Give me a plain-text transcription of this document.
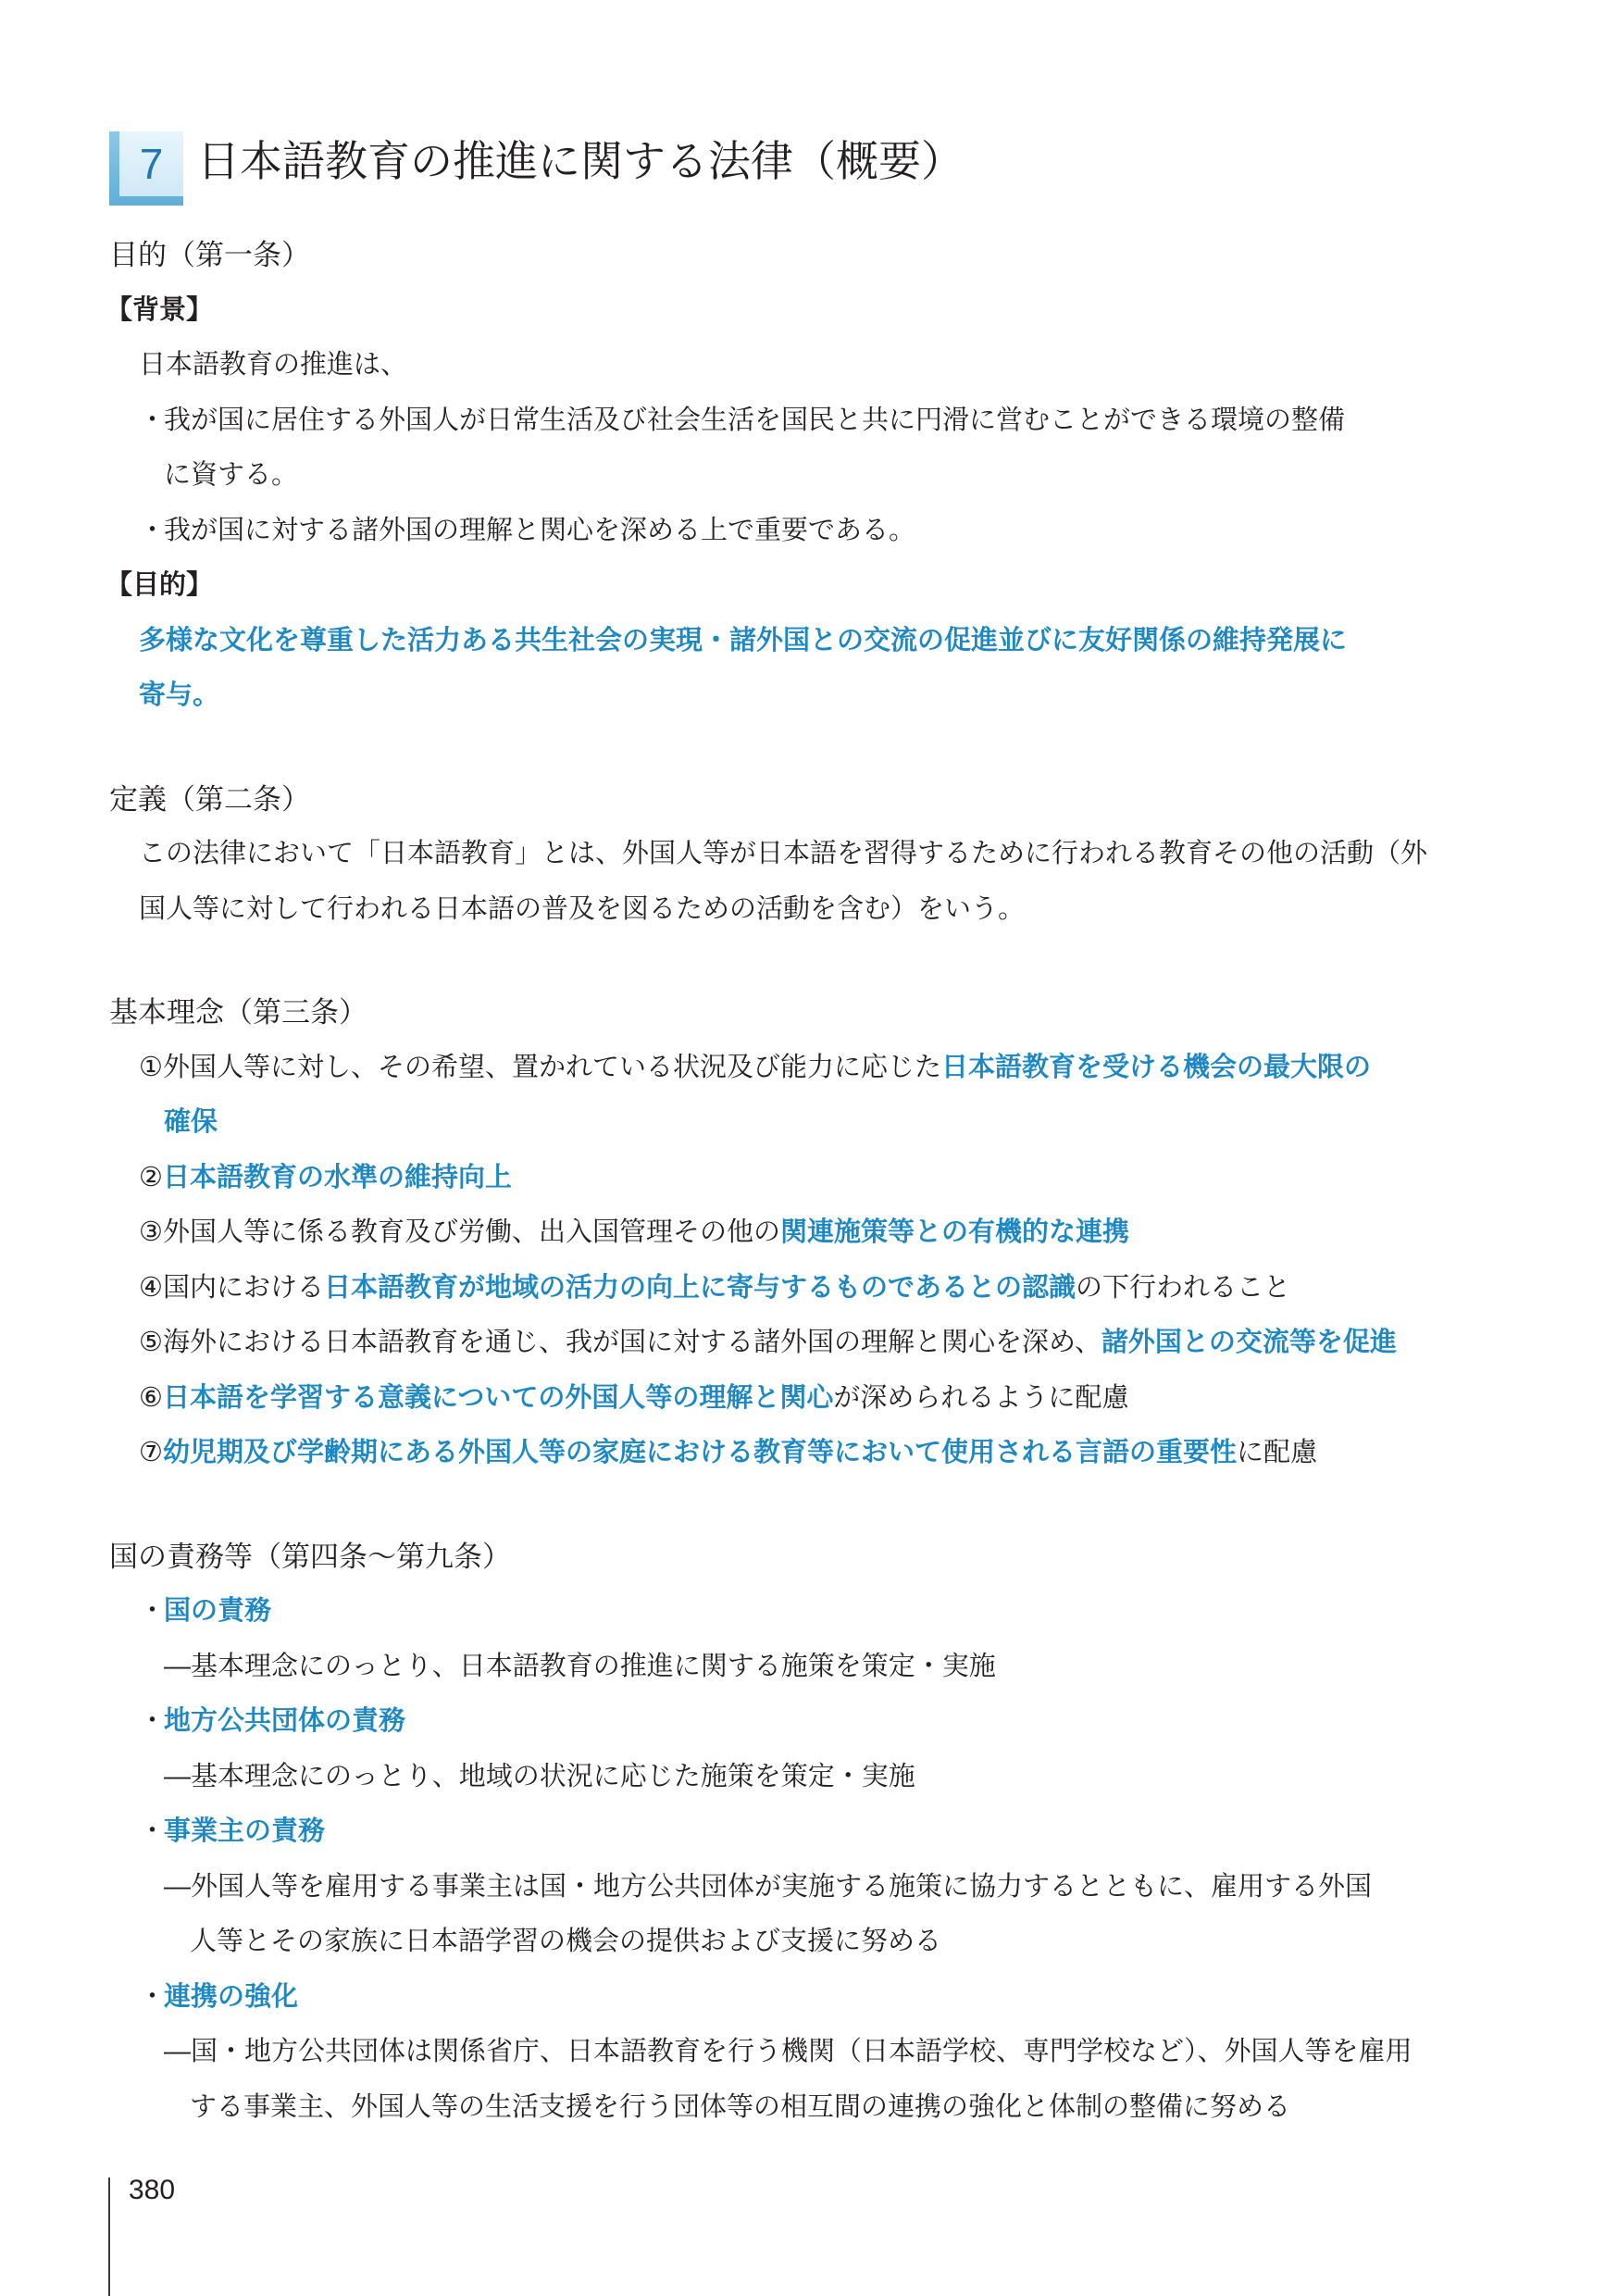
7 日本語教育の推進に関する法律（概要）
目的（第一条）
【背景】
日本語教育の推進は、
・我が国に居住する外国人が日常生活及び社会生活を国民と共に円滑に営むことができる環境の整備
に資する。
・我が国に対する諸外国の理解と関心を深める上で重要である。
【目的】
多様な文化を尊重した活力ある共生社会の実現・諸外国との交流の促進並びに友好関係の維持発展に
寄与。
定義（第二条）
この法律において「日本語教育」とは、外国人等が日本語を習得するために行われる教育その他の活動（外
国人等に対して行われる日本語の普及を図るための活動を含む）をいう。
基本理念（第三条）
①外国人等に対し、その希望、置かれている状況及び能力に応じた日本語教育を受ける機会の最大限の
確保
②日本語教育の水準の維持向上
③外国人等に係る教育及び労働、出入国管理その他の関連施策等との有機的な連携
④国内における日本語教育が地域の活力の向上に寄与するものであるとの認識の下行われること
⑤海外における日本語教育を通じ、我が国に対する諸外国の理解と関心を深め、諸外国との交流等を促進
⑥日本語を学習する意義についての外国人等の理解と関心が深められるように配慮
⑦幼児期及び学齢期にある外国人等の家庭における教育等において使用される言語の重要性に配慮
国の責務等（第四条～第九条）
・国の責務
—基本理念にのっとり、日本語教育の推進に関する施策を策定・実施
・地方公共団体の責務
—基本理念にのっとり、地域の状況に応じた施策を策定・実施
・事業主の責務
—外国人等を雇用する事業主は国・地方公共団体が実施する施策に協力するとともに、雇用する外国
人等とその家族に日本語学習の機会の提供および支援に努める
・連携の強化
—国・地方公共団体は関係省庁、日本語教育を行う機関（日本語学校、専門学校など）、外国人等を雇用
する事業主、外国人等の生活支援を行う団体等の相互間の連携の強化と体制の整備に努める
380
